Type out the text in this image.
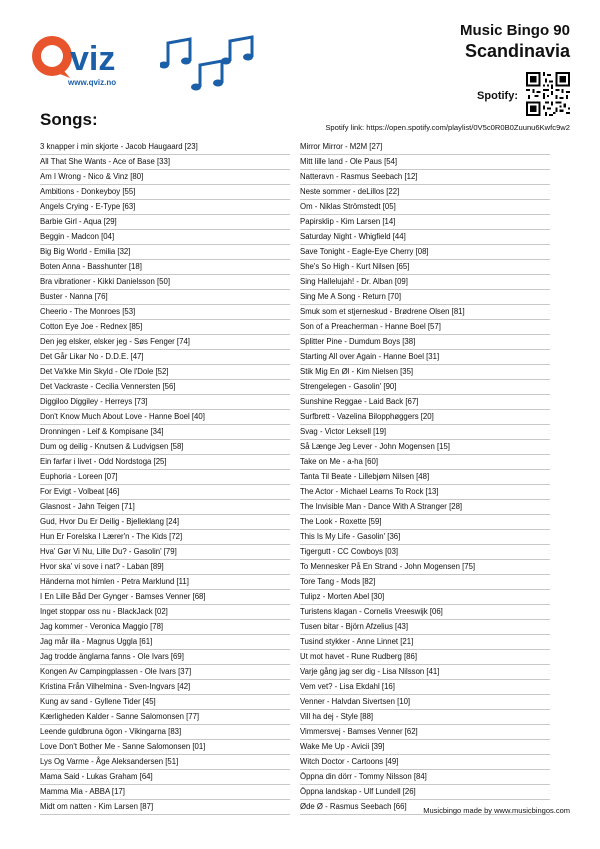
viz
www.qviz.no
Music Bingo 90
Scandinavia
Spotify:
Songs:	Spotify link: https://open.spotify.com/playlist/0V5c0R0B0Zuunu6Kwfc9w2
3 knapper i min skjorte - Jacob Haugaard [23]
All That She Wants - Ace of Base [33]
Am I Wrong - Nico & Vinz [80]
Ambitions - Donkeyboy [55]
Angels Crying - E-Type [63]
Barbie Girl - Aqua [29]
Beggin - Madcon [04]
Big Big World - Emilia [32]
Boten Anna - Basshunter [18]
Bra vibrationer - Kikki Danielsson [50]
Buster - Nanna [76]
Cheerio - The Monroes [53]
Cotton Eye Joe - Rednex [85]
Den jeg elsker, elsker jeg - Søs Fenger [74]
Det Går Likar No - D.D.E. [47]
Det Va'kke Min Skyld - Ole l'Dole [52]
Det Vackraste - Cecilia Vennersten [56]
Diggiloo Diggiley - Herreys [73]
Don't Know Much About Love - Hanne Boel [40]
Dronningen - Leif & Kompisane [34]
Dum og deilig - Knutsen & Ludvigsen [58]
Ein farfar i livet - Odd Nordstoga [25]
Euphoria - Loreen [07]
For Evigt - Volbeat [46]
Glasnost - Jahn Teigen [71]
Gud, Hvor Du Er Deilig - Bjelleklang [24]
Hun Er Forelska I Lærer'n - The Kids [72]
Hva' Gør Vi Nu, Lille Du? - Gasolin' [79]
Hvor ska' vi sove i nat? - Laban [89]
Händerna mot himlen - Petra Marklund [11]
I En Lille Båd Der Gynger - Bamses Venner [68]
Inget stoppar oss nu - BlackJack [02]
Jag kommer - Veronica Maggio [78]
Jag mår illa - Magnus Uggla [61]
Jag trodde änglarna fanns - Ole Ivars [69]
Kongen Av Campingplassen - Ole Ivars [37]
Kristina Från Vilhelmina - Sven-Ingvars [42]
Kung av sand - Gyllene Tider [45]
Kærligheden Kalder - Sanne Salomonsen [77]
Leende guldbruna ögon - Vikingarna [83]
Love Don't Bother Me - Sanne Salomonsen [01]
Lys Og Varme - Åge Aleksandersen [51]
Mama Said - Lukas Graham [64]
Mamma Mia - ABBA [17]
Midt om natten - Kim Larsen [87]
Mirror Mirror - M2M [27]
Mitt lille land - Ole Paus [54]
Natteravn - Rasmus Seebach [12]
Neste sommer - deLillos [22]
Om - Niklas Strömstedt [05]
Papirsklip - Kim Larsen [14]
Saturday Night - Whigfield [44]
Save Tonight - Eagle-Eye Cherry [08]
She's So High - Kurt Nilsen [65]
Sing Hallelujah! - Dr. Alban [09]
Sing Me A Song - Return [70]
Smuk som et stjerneskud - Brødrene Olsen [81]
Son of a Preacherman - Hanne Boel [57]
Splitter Pine - Dumdum Boys [38]
Starting All over Again - Hanne Boel [31]
Stik Mig En Øl - Kim Nielsen [35]
Strengelegen - Gasolin' [90]
Sunshine Reggae - Laid Back [67]
Surfbrett - Vazelina Bilopphøggers [20]
Svag - Victor Leksell [19]
Så Længe Jeg Lever - John Mogensen [15]
Take on Me - a-ha [60]
Tanta Til Beate - Lillebjørn Nilsen [48]
The Actor - Michael Learns To Rock [13]
The Invisible Man - Dance With A Stranger [28]
The Look - Roxette [59]
This Is My Life - Gasolin' [36]
Tigergutt - CC Cowboys [03]
To Mennesker På En Strand - John Mogensen [75]
Tore Tang - Mods [82]
Tulipz - Morten Abel [30]
Turistens klagan - Cornelis Vreeswijk [06]
Tusen bitar - Björn Afzelius [43]
Tusind stykker - Anne Linnet [21]
Ut mot havet - Rune Rudberg [86]
Varje gång jag ser dig - Lisa Nilsson [41]
Vem vet? - Lisa Ekdahl [16]
Venner - Halvdan Sivertsen [10]
Vill ha dej - Style [88]
Vimmersvej - Bamses Venner [62]
Wake Me Up - Avicii [39]
Witch Doctor - Cartoons [49]
Öppna din dörr - Tommy Nilsson [84]
Öppna landskap - Ulf Lundell [26]
Øde Ø - Rasmus Seebach [66]	Musicbingo made by www.musicbingos.com
